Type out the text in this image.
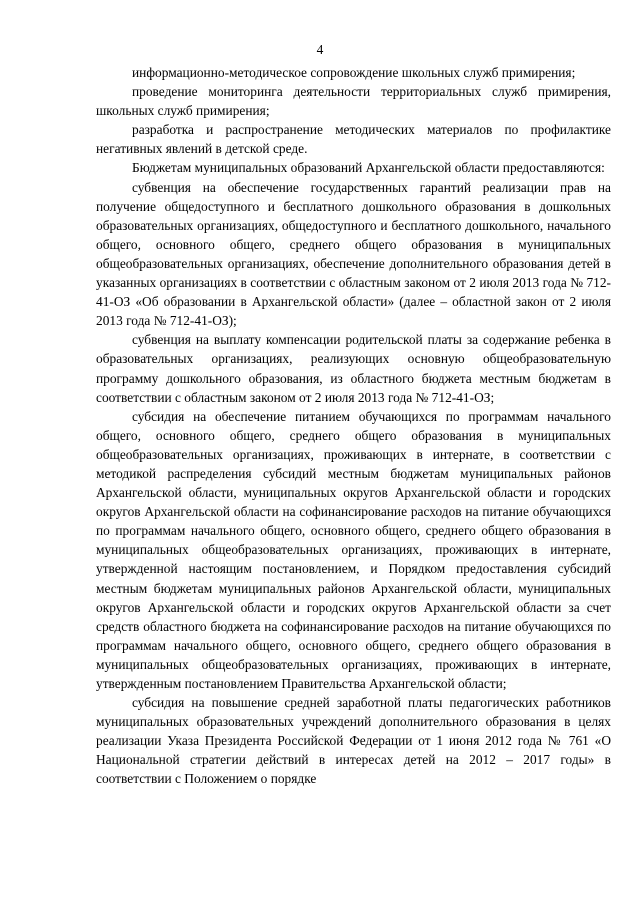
4

информационно-методическое сопровождение школьных служб примирения;

проведение мониторинга деятельности территориальных служб примирения, школьных служб примирения;

разработка и распространение методических материалов по профилактике негативных явлений в детской среде.

Бюджетам муниципальных образований Архангельской области предоставляются:

субвенция на обеспечение государственных гарантий реализации прав на получение общедоступного и бесплатного дошкольного образования в дошкольных образовательных организациях, общедоступного и бесплатного дошкольного, начального общего, основного общего, среднего общего образования в муниципальных общеобразовательных организациях, обеспечение дополнительного образования детей в указанных организациях в соответствии с областным законом от 2 июля 2013 года № 712-41-ОЗ «Об образовании в Архангельской области» (далее – областной закон от 2 июля 2013 года № 712-41-ОЗ);

субвенция на выплату компенсации родительской платы за содержание ребенка в образовательных организациях, реализующих основную общеобразовательную программу дошкольного образования, из областного бюджета местным бюджетам в соответствии с областным законом от 2 июля 2013 года № 712-41-ОЗ;

субсидия на обеспечение питанием обучающихся по программам начального общего, основного общего, среднего общего образования в муниципальных общеобразовательных организациях, проживающих в интернате, в соответствии с методикой распределения субсидий местным бюджетам муниципальных районов Архангельской области, муниципальных округов Архангельской области и городских округов Архангельской области на софинансирование расходов на питание обучающихся по программам начального общего, основного общего, среднего общего образования в муниципальных общеобразовательных организациях, проживающих в интернате, утвержденной настоящим постановлением, и Порядком предоставления субсидий местным бюджетам муниципальных районов Архангельской области, муниципальных округов Архангельской области и городских округов Архангельской области за счет средств областного бюджета на софинансирование расходов на питание обучающихся по программам начального общего, основного общего, среднего общего образования в муниципальных общеобразовательных организациях, проживающих в интернате, утвержденным постановлением Правительства Архангельской области;

субсидия на повышение средней заработной платы педагогических работников муниципальных образовательных учреждений дополнительного образования в целях реализации Указа Президента Российской Федерации от 1 июня 2012 года № 761 «О Национальной стратегии действий в интересах детей на 2012 – 2017 годы» в соответствии с Положением о порядке
